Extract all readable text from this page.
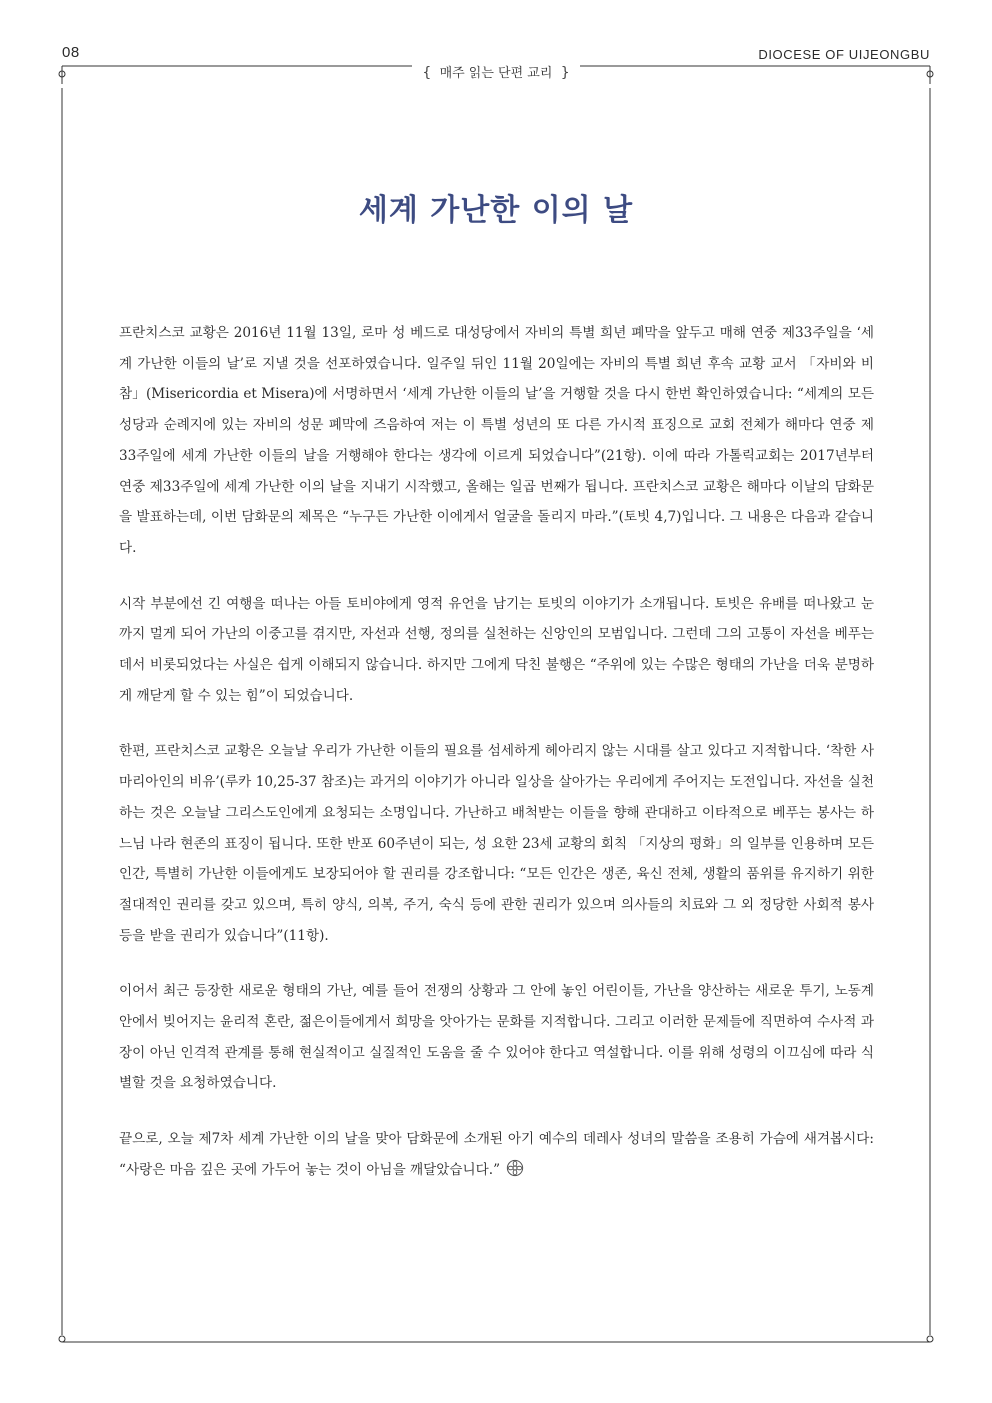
08	DIOCESE OF UIJEONGBU
{ 매주 읽는 단편 교리 }
세계 가난한 이의 날

프란치스코 교황은 2016년 11월 13일, 로마 성 베드로 대성당에서 자비의 특별 희년 폐막을 앞두고 매해 연중 제33주일을 ‘세계 가난한 이들의 날’로 지낼 것을 선포하였습니다. 일주일 뒤인 11월 20일에는 자비의 특별 희년 후속 교황 교서 「자비와 비참」(Misericordia et Misera)에 서명하면서 ‘세계 가난한 이들의 날’을 거행할 것을 다시 한번 확인하였습니다: “세계의 모든 성당과 순례지에 있는 자비의 성문 폐막에 즈음하여 저는 이 특별 성년의 또 다른 가시적 표징으로 교회 전체가 해마다 연중 제33주일에 세계 가난한 이들의 날을 거행해야 한다는 생각에 이르게 되었습니다”(21항). 이에 따라 가톨릭교회는 2017년부터 연중 제33주일에 세계 가난한 이의 날을 지내기 시작했고, 올해는 일곱 번째가 됩니다. 프란치스코 교황은 해마다 이날의 담화문을 발표하는데, 이번 담화문의 제목은 “누구든 가난한 이에게서 얼굴을 돌리지 마라.”(토빗 4,7)입니다. 그 내용은 다음과 같습니다.

시작 부분에선 긴 여행을 떠나는 아들 토비야에게 영적 유언을 남기는 토빗의 이야기가 소개됩니다. 토빗은 유배를 떠나왔고 눈까지 멀게 되어 가난의 이중고를 겪지만, 자선과 선행, 정의를 실천하는 신앙인의 모범입니다. 그런데 그의 고통이 자선을 베푸는 데서 비롯되었다는 사실은 쉽게 이해되지 않습니다. 하지만 그에게 닥친 불행은 “주위에 있는 수많은 형태의 가난을 더욱 분명하게 깨닫게 할 수 있는 힘”이 되었습니다.

한편, 프란치스코 교황은 오늘날 우리가 가난한 이들의 필요를 섬세하게 헤아리지 않는 시대를 살고 있다고 지적합니다. ‘착한 사마리아인의 비유’(루카 10,25-37 참조)는 과거의 이야기가 아니라 일상을 살아가는 우리에게 주어지는 도전입니다. 자선을 실천하는 것은 오늘날 그리스도인에게 요청되는 소명입니다. 가난하고 배척받는 이들을 향해 관대하고 이타적으로 베푸는 봉사는 하느님 나라 현존의 표징이 됩니다. 또한 반포 60주년이 되는, 성 요한 23세 교황의 회칙 「지상의 평화」의 일부를 인용하며 모든 인간, 특별히 가난한 이들에게도 보장되어야 할 권리를 강조합니다: “모든 인간은 생존, 육신 전체, 생활의 품위를 유지하기 위한 절대적인 권리를 갖고 있으며, 특히 양식, 의복, 주거, 숙식 등에 관한 권리가 있으며 의사들의 치료와 그 외 정당한 사회적 봉사 등을 받을 권리가 있습니다”(11항).

이어서 최근 등장한 새로운 형태의 가난, 예를 들어 전쟁의 상황과 그 안에 놓인 어린이들, 가난을 양산하는 새로운 투기, 노동계 안에서 빚어지는 윤리적 혼란, 젊은이들에게서 희망을 앗아가는 문화를 지적합니다. 그리고 이러한 문제들에 직면하여 수사적 과장이 아닌 인격적 관계를 통해 현실적이고 실질적인 도움을 줄 수 있어야 한다고 역설합니다. 이를 위해 성령의 이끄심에 따라 식별할 것을 요청하였습니다.

끝으로, 오늘 제7차 세계 가난한 이의 날을 맞아 담화문에 소개된 아기 예수의 데레사 성녀의 말씀을 조용히 가슴에 새겨봅시다: “사랑은 마음 깊은 곳에 가두어 놓는 것이 아님을 깨달았습니다.”
